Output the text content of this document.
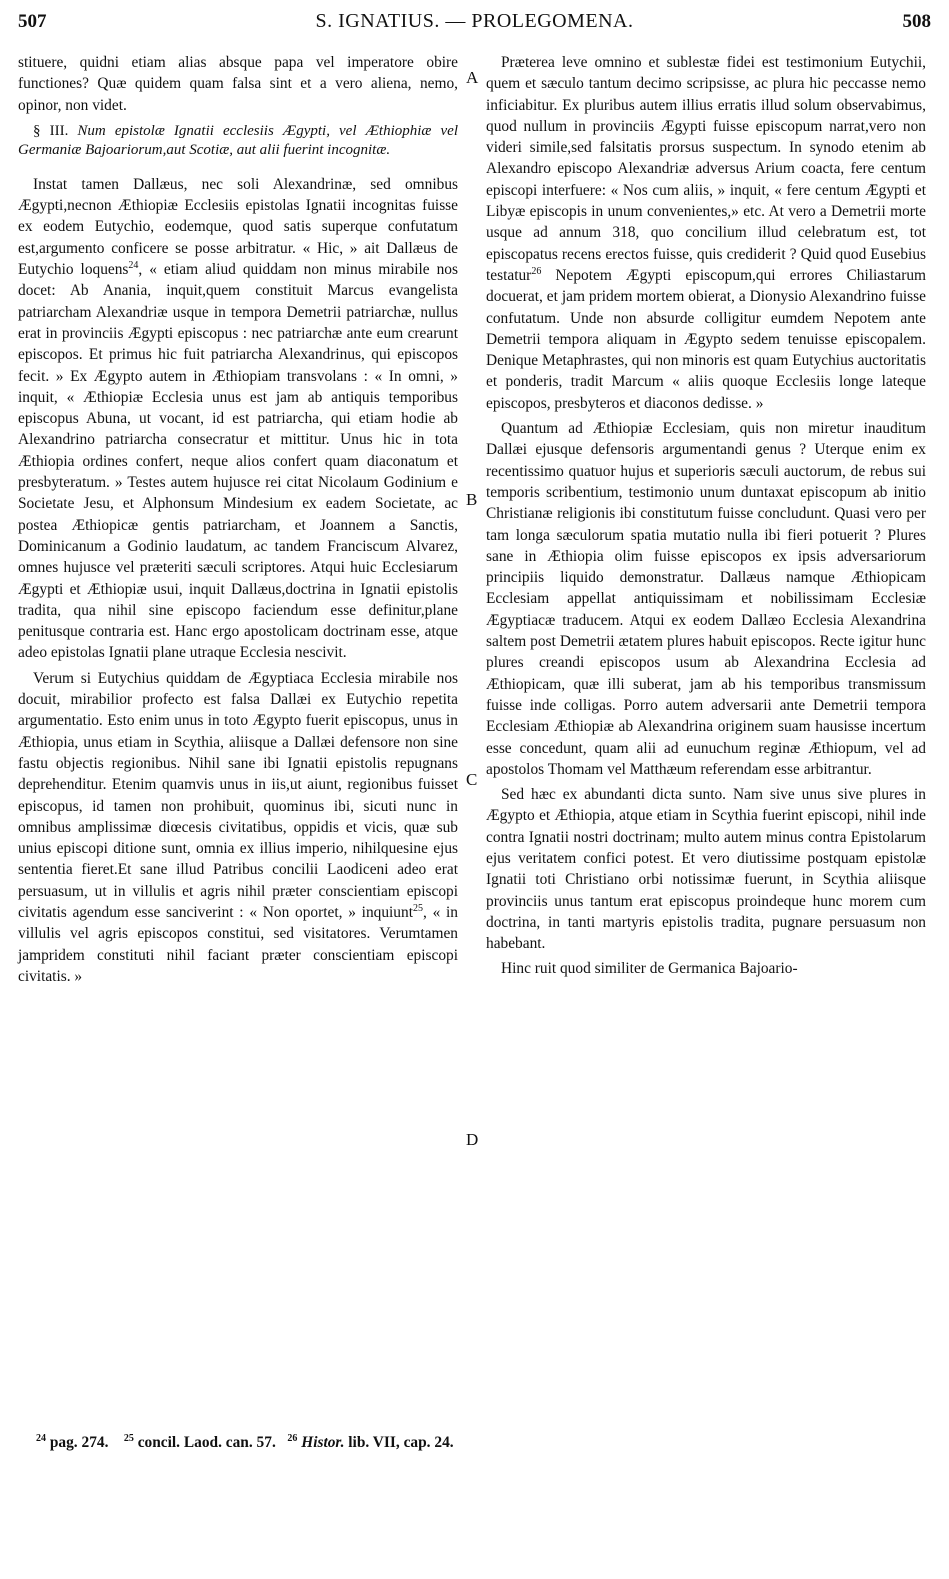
507	S. IGNATIUS. — PROLEGOMENA.	508

stituere, quidni etiam alias absque papa vel imperatore obire functiones? Quæ quidem quam falsa sint et a vero aliena, nemo, opinor, non videt.

§ III. Num epistolæ Ignatii ecclesiis Ægypti, vel Æthiophiæ vel Germaniæ Bajoariorum,aut Scotiæ, aut alii fuerint incognitæ.

Instat tamen Dallæus, nec soli Alexandrinæ, sed omnibus Ægypti,necnon Æthiopiæ Ecclesiis epistolas Ignatii incognitas fuisse ex eodem Eutychio, eodemque, quod satis superque confutatum est,argumento conficere se posse arbitratur. « Hic, » ait Dallæus de Eutychio loquens$^{24}$, « etiam aliud quiddam non minus mirabile nos docet: Ab Anania, inquit,quem constituit Marcus evangelista patriarcham Alexandriæ usque in tempora Demetrii patriarchæ, nullus erat in provinciis Ægypti episcopus : nec patriarchæ ante eum crearunt episcopos. Et primus hic fuit patriarcha Alexandrinus, qui episcopos fecit. » Ex Ægypto autem in Æthiopiam transvolans : « In omni, » inquit, « Æthiopiæ Ecclesia unus est jam ab antiquis temporibus episcopus Abuna, ut vocant, id est patriarcha, qui etiam hodie ab Alexandrino patriarcha consecratur et mittitur. Unus hic in tota Æthiopia ordines confert, neque alios confert quam diaconatum et presbyteratum. » Testes autem hujusce rei citat Nicolaum Godinium e Societate Jesu, et Alphonsum Mindesium ex eadem Societate, ac postea Æthiopicæ gentis patriarcham, et Joannem a Sanctis, Dominicanum a Godinio laudatum, ac tandem Franciscum Alvarez, omnes hujusce vel præteriti sæculi scriptores. Atqui huic Ecclesiarum Ægypti et Æthiopiæ usui, inquit Dallæus,doctrina in Ignatii epistolis tradita, qua nihil sine episcopo faciendum esse definitur,plane penitusque contraria est. Hanc ergo apostolicam doctrinam esse, atque adeo epistolas Ignatii plane utraque Ecclesia nescivit.

Verum si Eutychius quiddam de Ægyptiaca Ecclesia mirabile nos docuit, mirabilior profecto est falsa Dallæi ex Eutychio repetita argumentatio. Esto enim unus in toto Ægypto fuerit episcopus, unus in Æthiopia, unus etiam in Scythia, aliisque a Dallæi defensore non sine fastu objectis regionibus. Nihil sane ibi Ignatii epistolis repugnans deprehenditur. Etenim quamvis unus in iis,ut aiunt, regionibus fuisset episcopus, id tamen non prohibuit, quominus ibi, sicuti nunc in omnibus amplissimæ diœcesis civitatibus, oppidis et vicis, quæ sub unius episcopi ditione sunt, omnia ex illius imperio, nihilquesine ejus sententia fieret.Et sane illud Patribus concilii Laodiceni adeo erat persuasum, ut in villulis et agris nihil præter conscientiam episcopi civitatis agendum esse sanciverint : « Non oportet, » inquiunt$^{25}$, « in villulis vel agris episcopos constitui, sed visitatores. Verumtamen jampridem constituti nihil faciant præter conscientiam episcopi civitatis. »

A
B
C
D

Præterea leve omnino et sublestæ fidei est testimonium Eutychii, quem et sæculo tantum decimo scripsisse, ac plura hic peccasse nemo inficiabitur. Ex pluribus autem illius erratis illud solum observabimus, quod nullum in provinciis Ægypti fuisse episcopum narrat,vero non videri simile,sed falsitatis prorsus suspectum. In synodo etenim ab Alexandro episcopo Alexandriæ adversus Arium coacta, fere centum episcopi interfuere: « Nos cum aliis, » inquit, « fere centum Ægypti et Libyæ episcopis in unum convenientes,» etc. At vero a Demetrii morte usque ad annum 318, quo concilium illud celebratum est, tot episcopatus recens erectos fuisse, quis crediderit ? Quid quod Eusebius testatur$^{26}$ Nepotem Ægypti episcopum,qui errores Chiliastarum docuerat, et jam pridem mortem obierat, a Dionysio Alexandrino fuisse confutatum. Unde non absurde colligitur eumdem Nepotem ante Demetrii tempora aliquam in Ægypto sedem tenuisse episcopalem. Denique Metaphrastes, qui non minoris est quam Eutychius auctoritatis et ponderis, tradit Marcum « aliis quoque Ecclesiis longe lateque episcopos, presbyteros et diaconos dedisse. »

Quantum ad Æthiopiæ Ecclesiam, quis non miretur inauditum Dallæi ejusque defensoris argumentandi genus ? Uterque enim ex recentissimo quatuor hujus et superioris sæculi auctorum, de rebus sui temporis scribentium, testimonio unum duntaxat episcopum ab initio Christianæ religionis ibi constitutum fuisse concludunt. Quasi vero per tam longa sæculorum spatia mutatio nulla ibi fieri potuerit ? Plures sane in Æthiopia olim fuisse episcopos ex ipsis adversariorum principiis liquido demonstratur. Dallæus namque Æthiopicam Ecclesiam appellat antiquissimam et nobilissimam Ecclesiæ Ægyptiacæ traducem. Atqui ex eodem Dallæo Ecclesia Alexandrina saltem post Demetrii ætatem plures habuit episcopos. Recte igitur hunc plures creandi episcopos usum ab Alexandrina Ecclesia ad Æthiopicam, quæ illi suberat, jam ab his temporibus transmissum fuisse inde colligas. Porro autem adversarii ante Demetrii tempora Ecclesiam Æthiopiæ ab Alexandrina originem suam hausisse incertum esse concedunt, quam alii ad eunuchum reginæ Æthiopum, vel ad apostolos Thomam vel Matthæum referendam esse arbitrantur.

Sed hæc ex abundanti dicta sunto. Nam sive unus sive plures in Ægypto et Æthiopia, atque etiam in Scythia fuerint episcopi, nihil inde contra Ignatii nostri doctrinam; multo autem minus contra Epistolarum ejus veritatem confici potest. Et vero diutissime postquam epistolæ Ignatii toti Christiano orbi notissimæ fuerunt, in Scythia aliisque provinciis unus tantum erat episcopus proindeque hunc morem cum doctrina, in tanti martyris epistolis tradita, pugnare persuasum non habebant.

Hinc ruit quod similiter de Germanica Bajoario-

$^{24}$ pag. 274. $^{25}$ concil. Laod. can. 57. $^{26}$ Histor. lib. VII, cap. 24.
